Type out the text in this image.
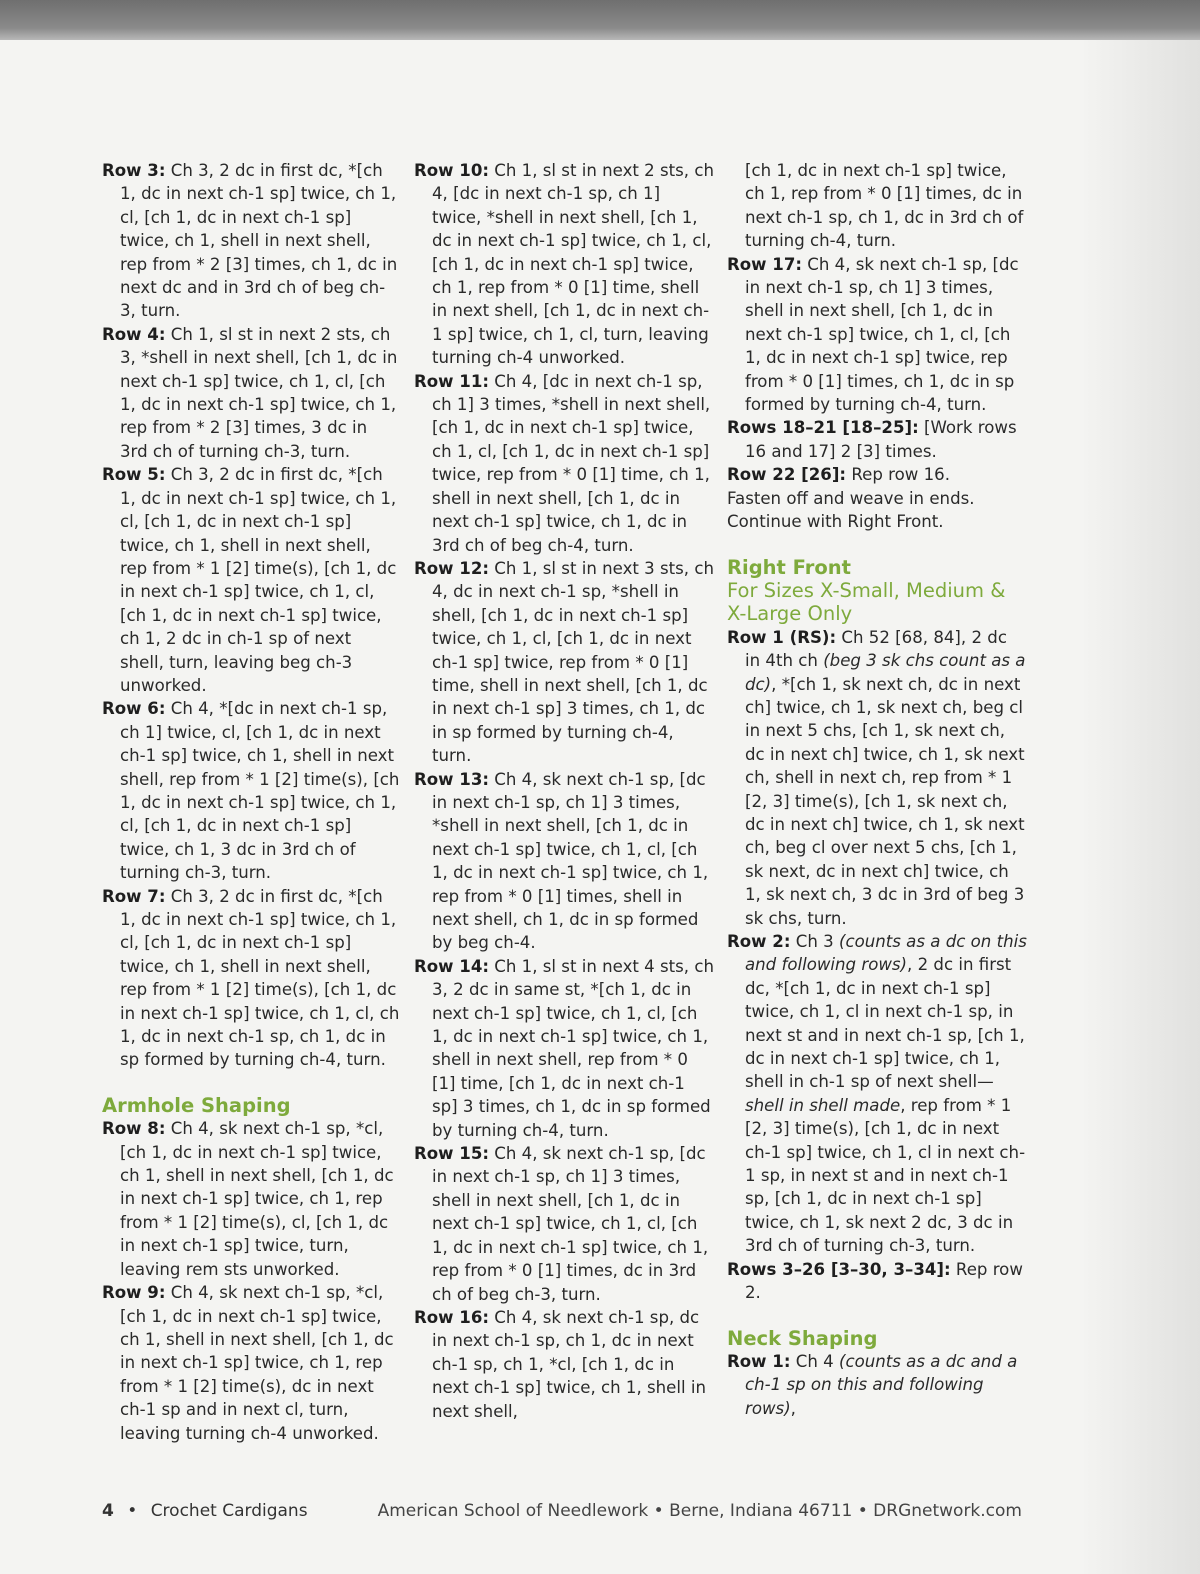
Row 3: Ch 3, 2 dc in first dc, *[ch 1, dc in next ch-1 sp] twice, ch 1, cl, [ch 1, dc in next ch-1 sp] twice, ch 1, shell in next shell, rep from * 2 [3] times, ch 1, dc in next dc and in 3rd ch of beg ch-3, turn.

Row 4: Ch 1, sl st in next 2 sts, ch 3, *shell in next shell, [ch 1, dc in next ch-1 sp] twice, ch 1, cl, [ch 1, dc in next ch-1 sp] twice, ch 1, rep from * 2 [3] times, 3 dc in 3rd ch of turning ch-3, turn.

Row 5: Ch 3, 2 dc in first dc, *[ch 1, dc in next ch-1 sp] twice, ch 1, cl, [ch 1, dc in next ch-1 sp] twice, ch 1, shell in next shell, rep from * 1 [2] time(s), [ch 1, dc in next ch-1 sp] twice, ch 1, cl, [ch 1, dc in next ch-1 sp] twice, ch 1, 2 dc in ch-1 sp of next shell, turn, leaving beg ch-3 unworked.

Row 6: Ch 4, *[dc in next ch-1 sp, ch 1] twice, cl, [ch 1, dc in next ch-1 sp] twice, ch 1, shell in next shell, rep from * 1 [2] time(s), [ch 1, dc in next ch-1 sp] twice, ch 1, cl, [ch 1, dc in next ch-1 sp] twice, ch 1, 3 dc in 3rd ch of turning ch-3, turn.

Row 7: Ch 3, 2 dc in first dc, *[ch 1, dc in next ch-1 sp] twice, ch 1, cl, [ch 1, dc in next ch-1 sp] twice, ch 1, shell in next shell, rep from * 1 [2] time(s), [ch 1, dc in next ch-1 sp] twice, ch 1, cl, ch 1, dc in next ch-1 sp, ch 1, dc in sp formed by turning ch-4, turn.

Armhole Shaping

Row 8: Ch 4, sk next ch-1 sp, *cl, [ch 1, dc in next ch-1 sp] twice, ch 1, shell in next shell, [ch 1, dc in next ch-1 sp] twice, ch 1, rep from * 1 [2] time(s), cl, [ch 1, dc in next ch-1 sp] twice, turn, leaving rem sts unworked.

Row 9: Ch 4, sk next ch-1 sp, *cl, [ch 1, dc in next ch-1 sp] twice, ch 1, shell in next shell, [ch 1, dc in next ch-1 sp] twice, ch 1, rep from * 1 [2] time(s), dc in next ch-1 sp and in next cl, turn, leaving turning ch-4 unworked.

Row 10: Ch 1, sl st in next 2 sts, ch 4, [dc in next ch-1 sp, ch 1] twice, *shell in next shell, [ch 1, dc in next ch-1 sp] twice, ch 1, cl, [ch 1, dc in next ch-1 sp] twice, ch 1, rep from * 0 [1] time, shell in next shell, [ch 1, dc in next ch-1 sp] twice, ch 1, cl, turn, leaving turning ch-4 unworked.

Row 11: Ch 4, [dc in next ch-1 sp, ch 1] 3 times, *shell in next shell, [ch 1, dc in next ch-1 sp] twice, ch 1, cl, [ch 1, dc in next ch-1 sp] twice, rep from * 0 [1] time, ch 1, shell in next shell, [ch 1, dc in next ch-1 sp] twice, ch 1, dc in 3rd ch of beg ch-4, turn.

Row 12: Ch 1, sl st in next 3 sts, ch 4, dc in next ch-1 sp, *shell in shell, [ch 1, dc in next ch-1 sp] twice, ch 1, cl, [ch 1, dc in next ch-1 sp] twice, rep from * 0 [1] time, shell in next shell, [ch 1, dc in next ch-1 sp] 3 times, ch 1, dc in sp formed by turning ch-4, turn.

Row 13: Ch 4, sk next ch-1 sp, [dc in next ch-1 sp, ch 1] 3 times, *shell in next shell, [ch 1, dc in next ch-1 sp] twice, ch 1, cl, [ch 1, dc in next ch-1 sp] twice, ch 1, rep from * 0 [1] times, shell in next shell, ch 1, dc in sp formed by beg ch-4.

Row 14: Ch 1, sl st in next 4 sts, ch 3, 2 dc in same st, *[ch 1, dc in next ch-1 sp] twice, ch 1, cl, [ch 1, dc in next ch-1 sp] twice, ch 1, shell in next shell, rep from * 0 [1] time, [ch 1, dc in next ch-1 sp] 3 times, ch 1, dc in sp formed by turning ch-4, turn.

Row 15: Ch 4, sk next ch-1 sp, [dc in next ch-1 sp, ch 1] 3 times, shell in next shell, [ch 1, dc in next ch-1 sp] twice, ch 1, cl, [ch 1, dc in next ch-1 sp] twice, ch 1, rep from * 0 [1] times, dc in 3rd ch of beg ch-3, turn.

Row 16: Ch 4, sk next ch-1 sp, dc in next ch-1 sp, ch 1, dc in next ch-1 sp, ch 1, *cl, [ch 1, dc in next ch-1 sp] twice, ch 1, shell in next shell,

[ch 1, dc in next ch-1 sp] twice, ch 1, rep from * 0 [1] times, dc in next ch-1 sp, ch 1, dc in 3rd ch of turning ch-4, turn.

Row 17: Ch 4, sk next ch-1 sp, [dc in next ch-1 sp, ch 1] 3 times, shell in next shell, [ch 1, dc in next ch-1 sp] twice, ch 1, cl, [ch 1, dc in next ch-1 sp] twice, rep from * 0 [1] times, ch 1, dc in sp formed by turning ch-4, turn.

Rows 18–21 [18–25]: [Work rows 16 and 17] 2 [3] times.

Row 22 [26]: Rep row 16.

Fasten off and weave in ends.

Continue with Right Front.

Right Front

For Sizes X-Small, Medium & X-Large Only

Row 1 (RS): Ch 52 [68, 84], 2 dc in 4th ch (beg 3 sk chs count as a dc), *[ch 1, sk next ch, dc in next ch] twice, ch 1, sk next ch, beg cl in next 5 chs, [ch 1, sk next ch, dc in next ch] twice, ch 1, sk next ch, shell in next ch, rep from * 1 [2, 3] time(s), [ch 1, sk next ch, dc in next ch] twice, ch 1, sk next ch, beg cl over next 5 chs, [ch 1, sk next, dc in next ch] twice, ch 1, sk next ch, 3 dc in 3rd of beg 3 sk chs, turn.

Row 2: Ch 3 (counts as a dc on this and following rows), 2 dc in first dc, *[ch 1, dc in next ch-1 sp] twice, ch 1, cl in next ch-1 sp, in next st and in next ch-1 sp, [ch 1, dc in next ch-1 sp] twice, ch 1, shell in ch-1 sp of next shell—shell in shell made, rep from * 1 [2, 3] time(s), [ch 1, dc in next ch-1 sp] twice, ch 1, cl in next ch-1 sp, in next st and in next ch-1 sp, [ch 1, dc in next ch-1 sp] twice, ch 1, sk next 2 dc, 3 dc in 3rd ch of turning ch-3, turn.

Rows 3–26 [3–30, 3–34]: Rep row 2.

Neck Shaping

Row 1: Ch 4 (counts as a dc and a ch-1 sp on this and following rows),

4 • Crochet Cardigans	American School of Needlework • Berne, Indiana 46711 • DRGnetwork.com
